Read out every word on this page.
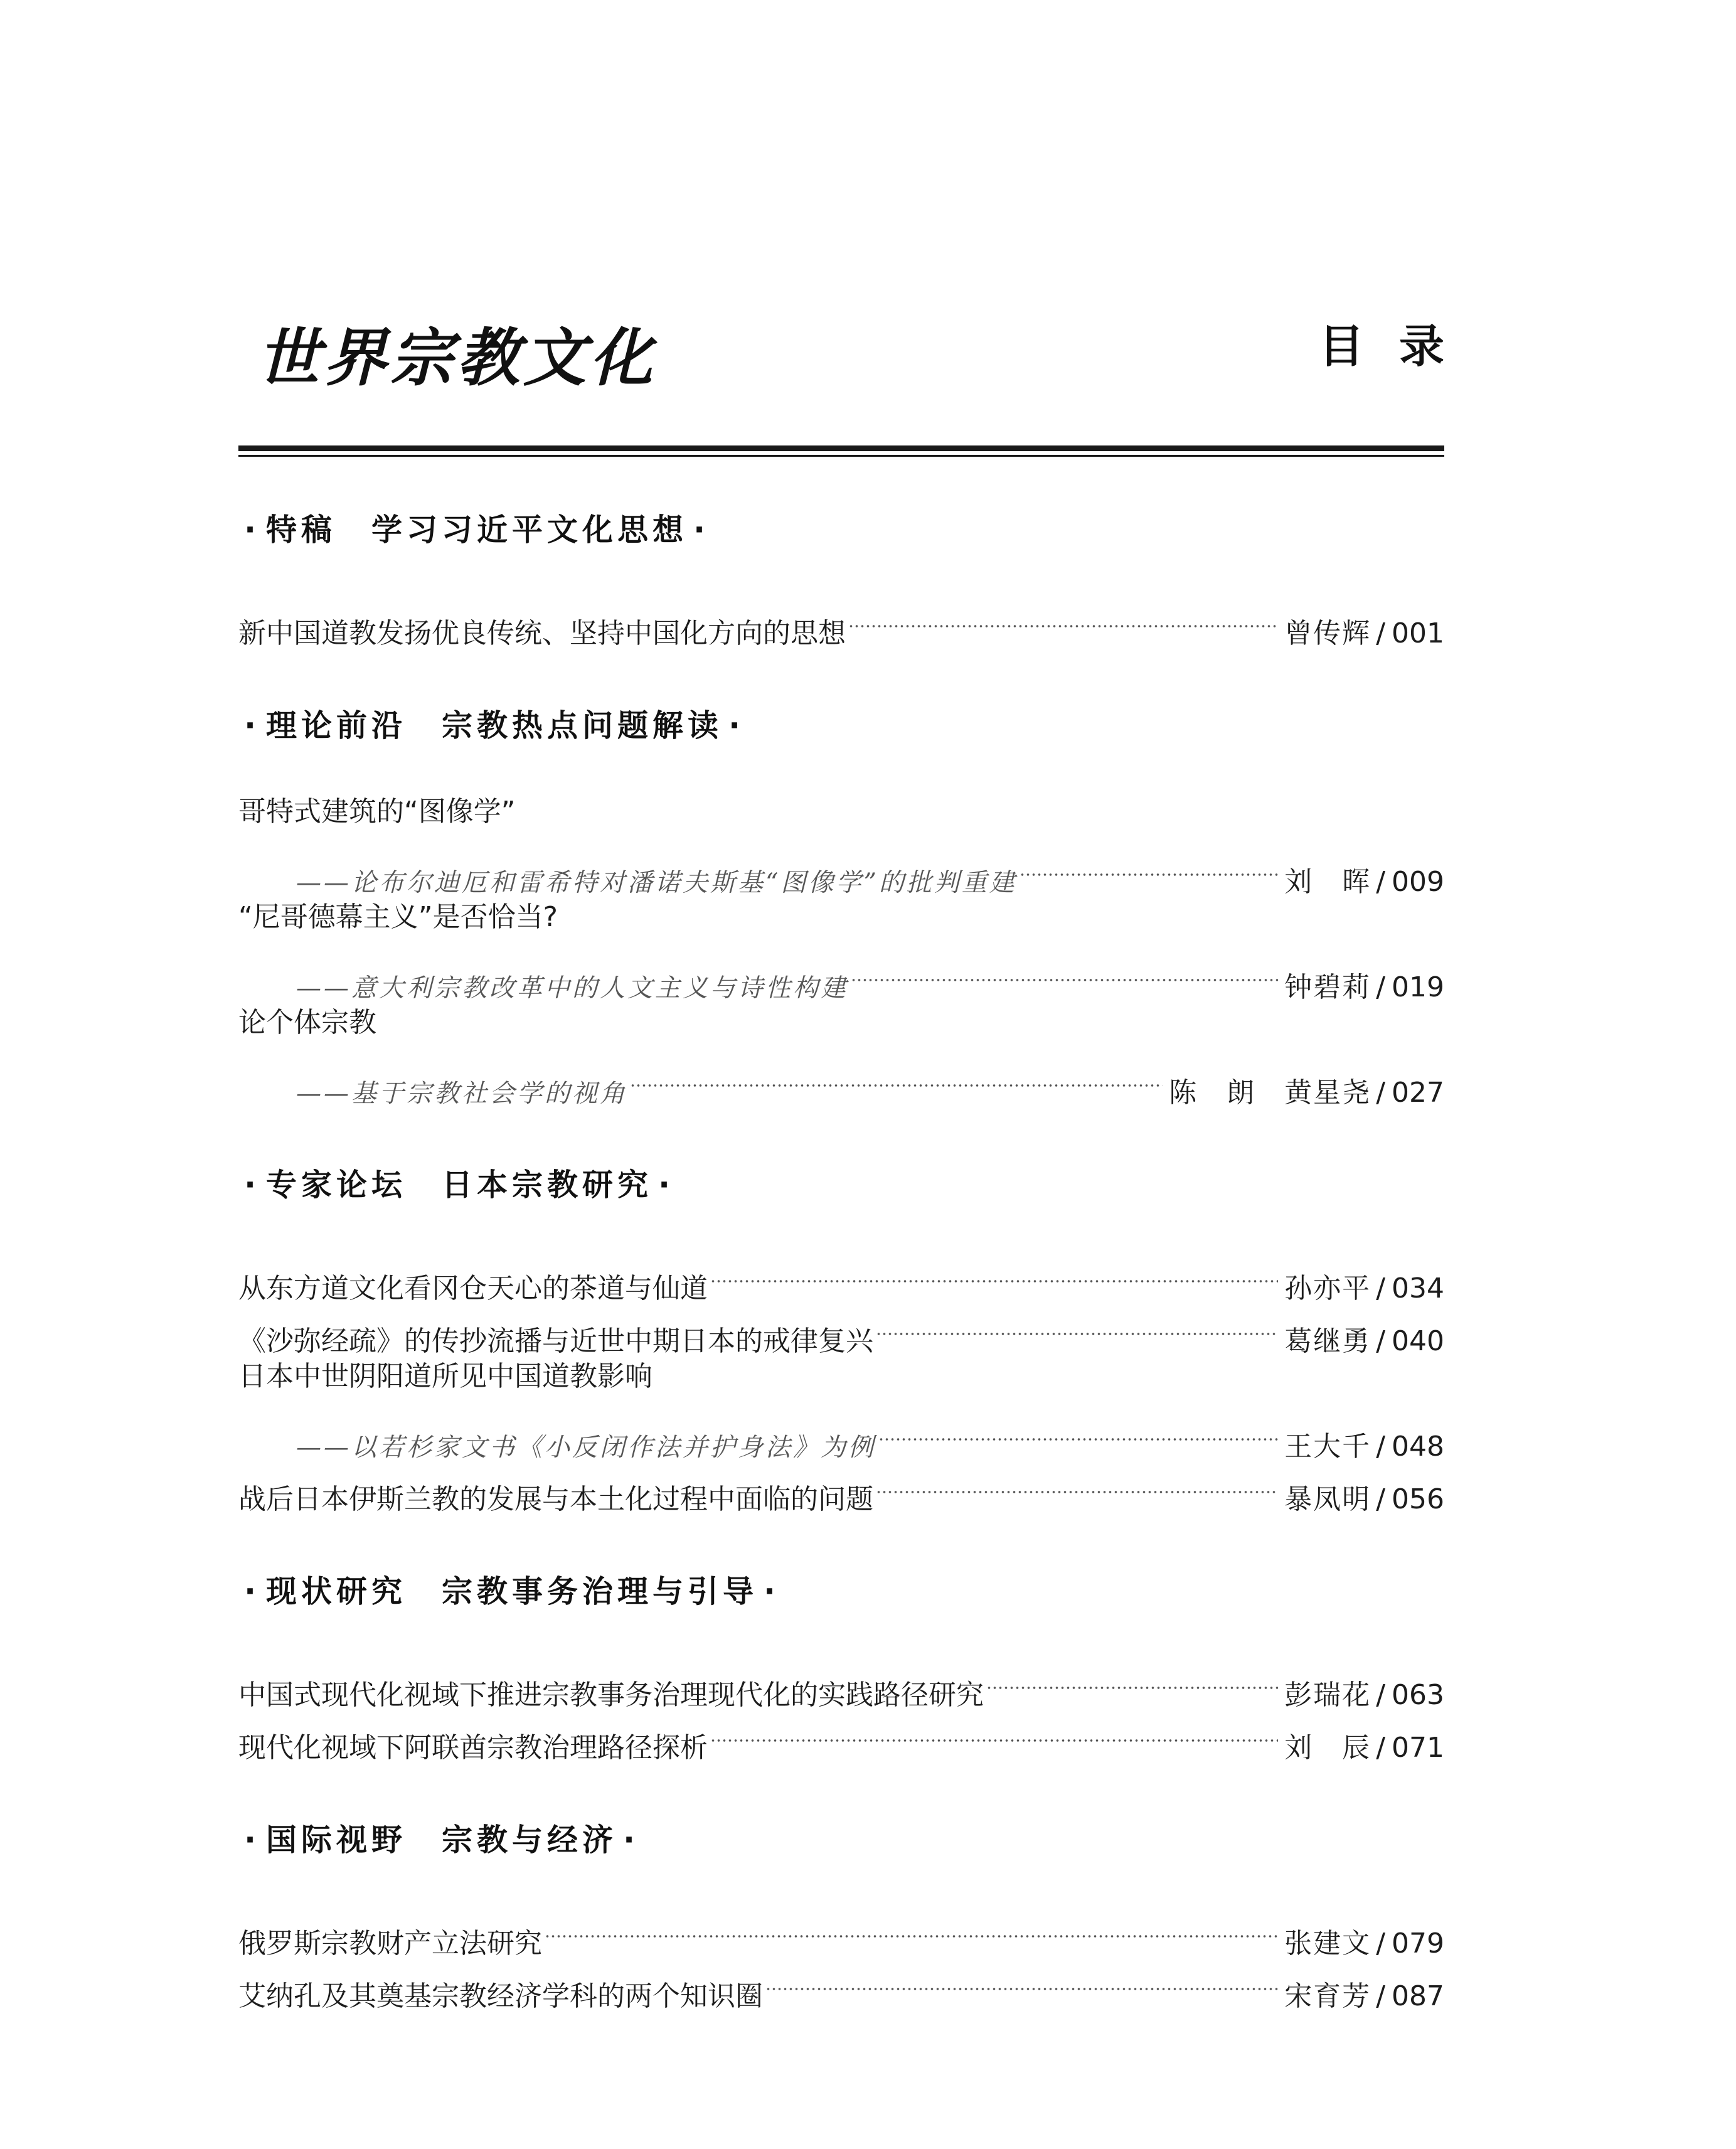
世界宗教文化	目录
· 特稿　学习习近平文化思想 ·
新中国道教发扬优良传统、坚持中国化方向的思想	曾传辉 / 001
· 理论前沿　宗教热点问题解读 ·
哥特式建筑的“图像学”
——论布尔迪厄和雷希特对潘诺夫斯基“图像学”的批判重建	刘　晖 / 009
“尼哥德幕主义”是否恰当?
——意大利宗教改革中的人文主义与诗性构建	钟碧莉 / 019
论个体宗教
——基于宗教社会学的视角	陈　朗　黄星尧 / 027
· 专家论坛　日本宗教研究 ·
从东方道文化看冈仓天心的茶道与仙道	孙亦平 / 034
《沙弥经疏》的传抄流播与近世中期日本的戒律复兴	葛继勇 / 040
日本中世阴阳道所见中国道教影响
——以若杉家文书《小反闭作法并护身法》为例	王大千 / 048
战后日本伊斯兰教的发展与本土化过程中面临的问题	暴凤明 / 056
· 现状研究　宗教事务治理与引导 ·
中国式现代化视域下推进宗教事务治理现代化的实践路径研究	彭瑞花 / 063
现代化视域下阿联酋宗教治理路径探析	刘　辰 / 071
· 国际视野　宗教与经济 ·
俄罗斯宗教财产立法研究	张建文 / 079
艾纳孔及其奠基宗教经济学科的两个知识圈	宋育芳 / 087
